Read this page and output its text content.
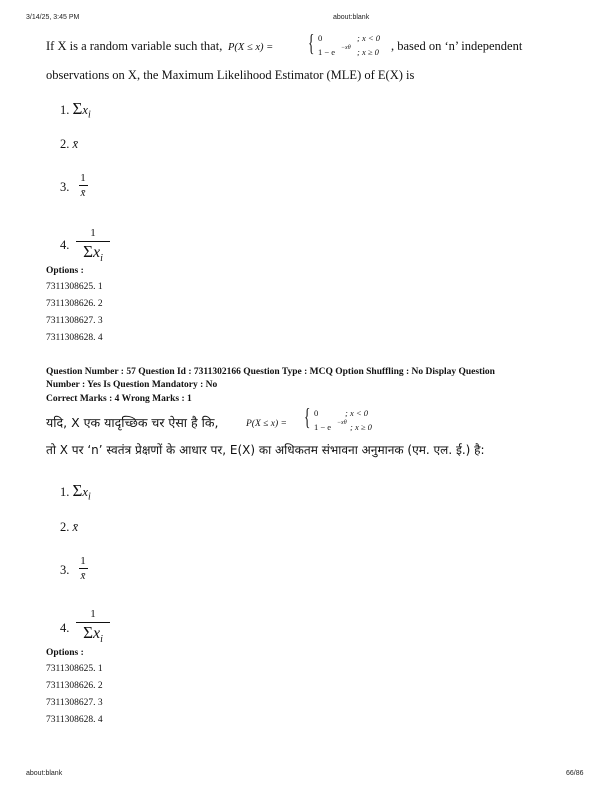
3/14/25, 3:45 PM	about:blank
If X is a random variable such that, P(X ≤ x) = { 0	; x < 0
1 − e −xθ ; x ≥ 0 , based on ‘n’ independent
observations on X, the Maximum Likelihood Estimator (MLE) of E(X) is
1. $\Sigma x_i$
2. x̄
3.
1
x̄
4.
1
$\Sigma x_i$
Options :
7311308625. 1
7311308626. 2
7311308627. 3
7311308628. 4
Question Number : 57 Question Id : 7311302166 Question Type : MCQ Option Shuffling : No Display Question
Number : Yes Is Question Mandatory : No
Correct Marks : 4 Wrong Marks : 1
यदि, X एक यादृच्छिक चर ऐसा है कि,	P(X ≤ x) = { 0	; x < 0
1 − e −xθ ; x ≥ 0
तो X पर ‘n’ स्वतंत्र प्रेक्षणों के आधार पर, E(X) का अधिकतम संभावना अनुमानक (एम. एल. ई.) है:
1. $\Sigma x_i$
2. x̄
3.
1
x̄
4.
1
$\Sigma x_i$
Options :
7311308625. 1
7311308626. 2
7311308627. 3
7311308628. 4
about:blank	66/86
